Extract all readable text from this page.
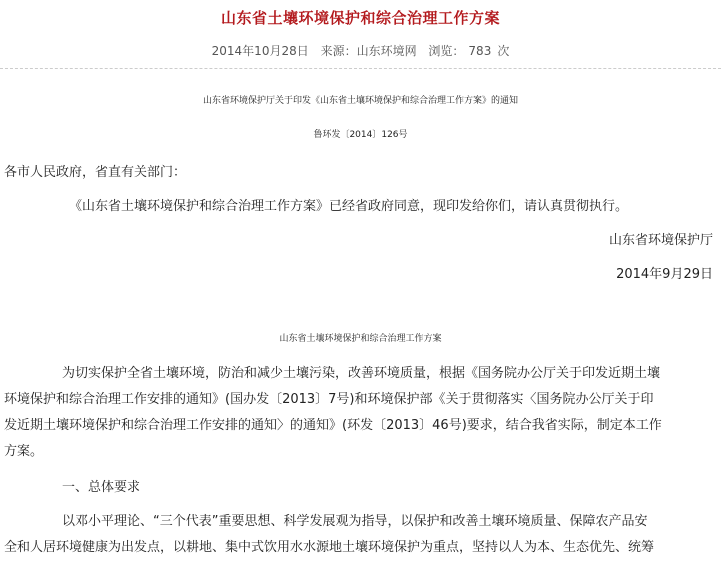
山东省土壤环境保护和综合治理工作方案
2014年10月28日 来源：山东环境网 浏览： 783 次
山东省环境保护厅关于印发《山东省土壤环境保护和综合治理工作方案》的通知
鲁环发〔2014〕126号
各市人民政府，省直有关部门：
《山东省土壤环境保护和综合治理工作方案》已经省政府同意，现印发给你们，请认真贯彻执行。
山东省环境保护厅
2014年9月29日
山东省土壤环境保护和综合治理工作方案
为切实保护全省土壤环境，防治和减少土壤污染，改善环境质量，根据《国务院办公厅关于印发近期土壤
环境保护和综合治理工作安排的通知》(国办发〔2013〕7号)和环境保护部《关于贯彻落实〈国务院办公厅关于印
发近期土壤环境保护和综合治理工作安排的通知〉的通知》(环发〔2013〕46号)要求，结合我省实际，制定本工作
方案。
一、总体要求
以邓小平理论、“三个代表”重要思想、科学发展观为指导，以保护和改善土壤环境质量、保障农产品安
全和人居环境健康为出发点，以耕地、集中式饮用水水源地土壤环境保护为重点，坚持以人为本、生态优先、统筹
